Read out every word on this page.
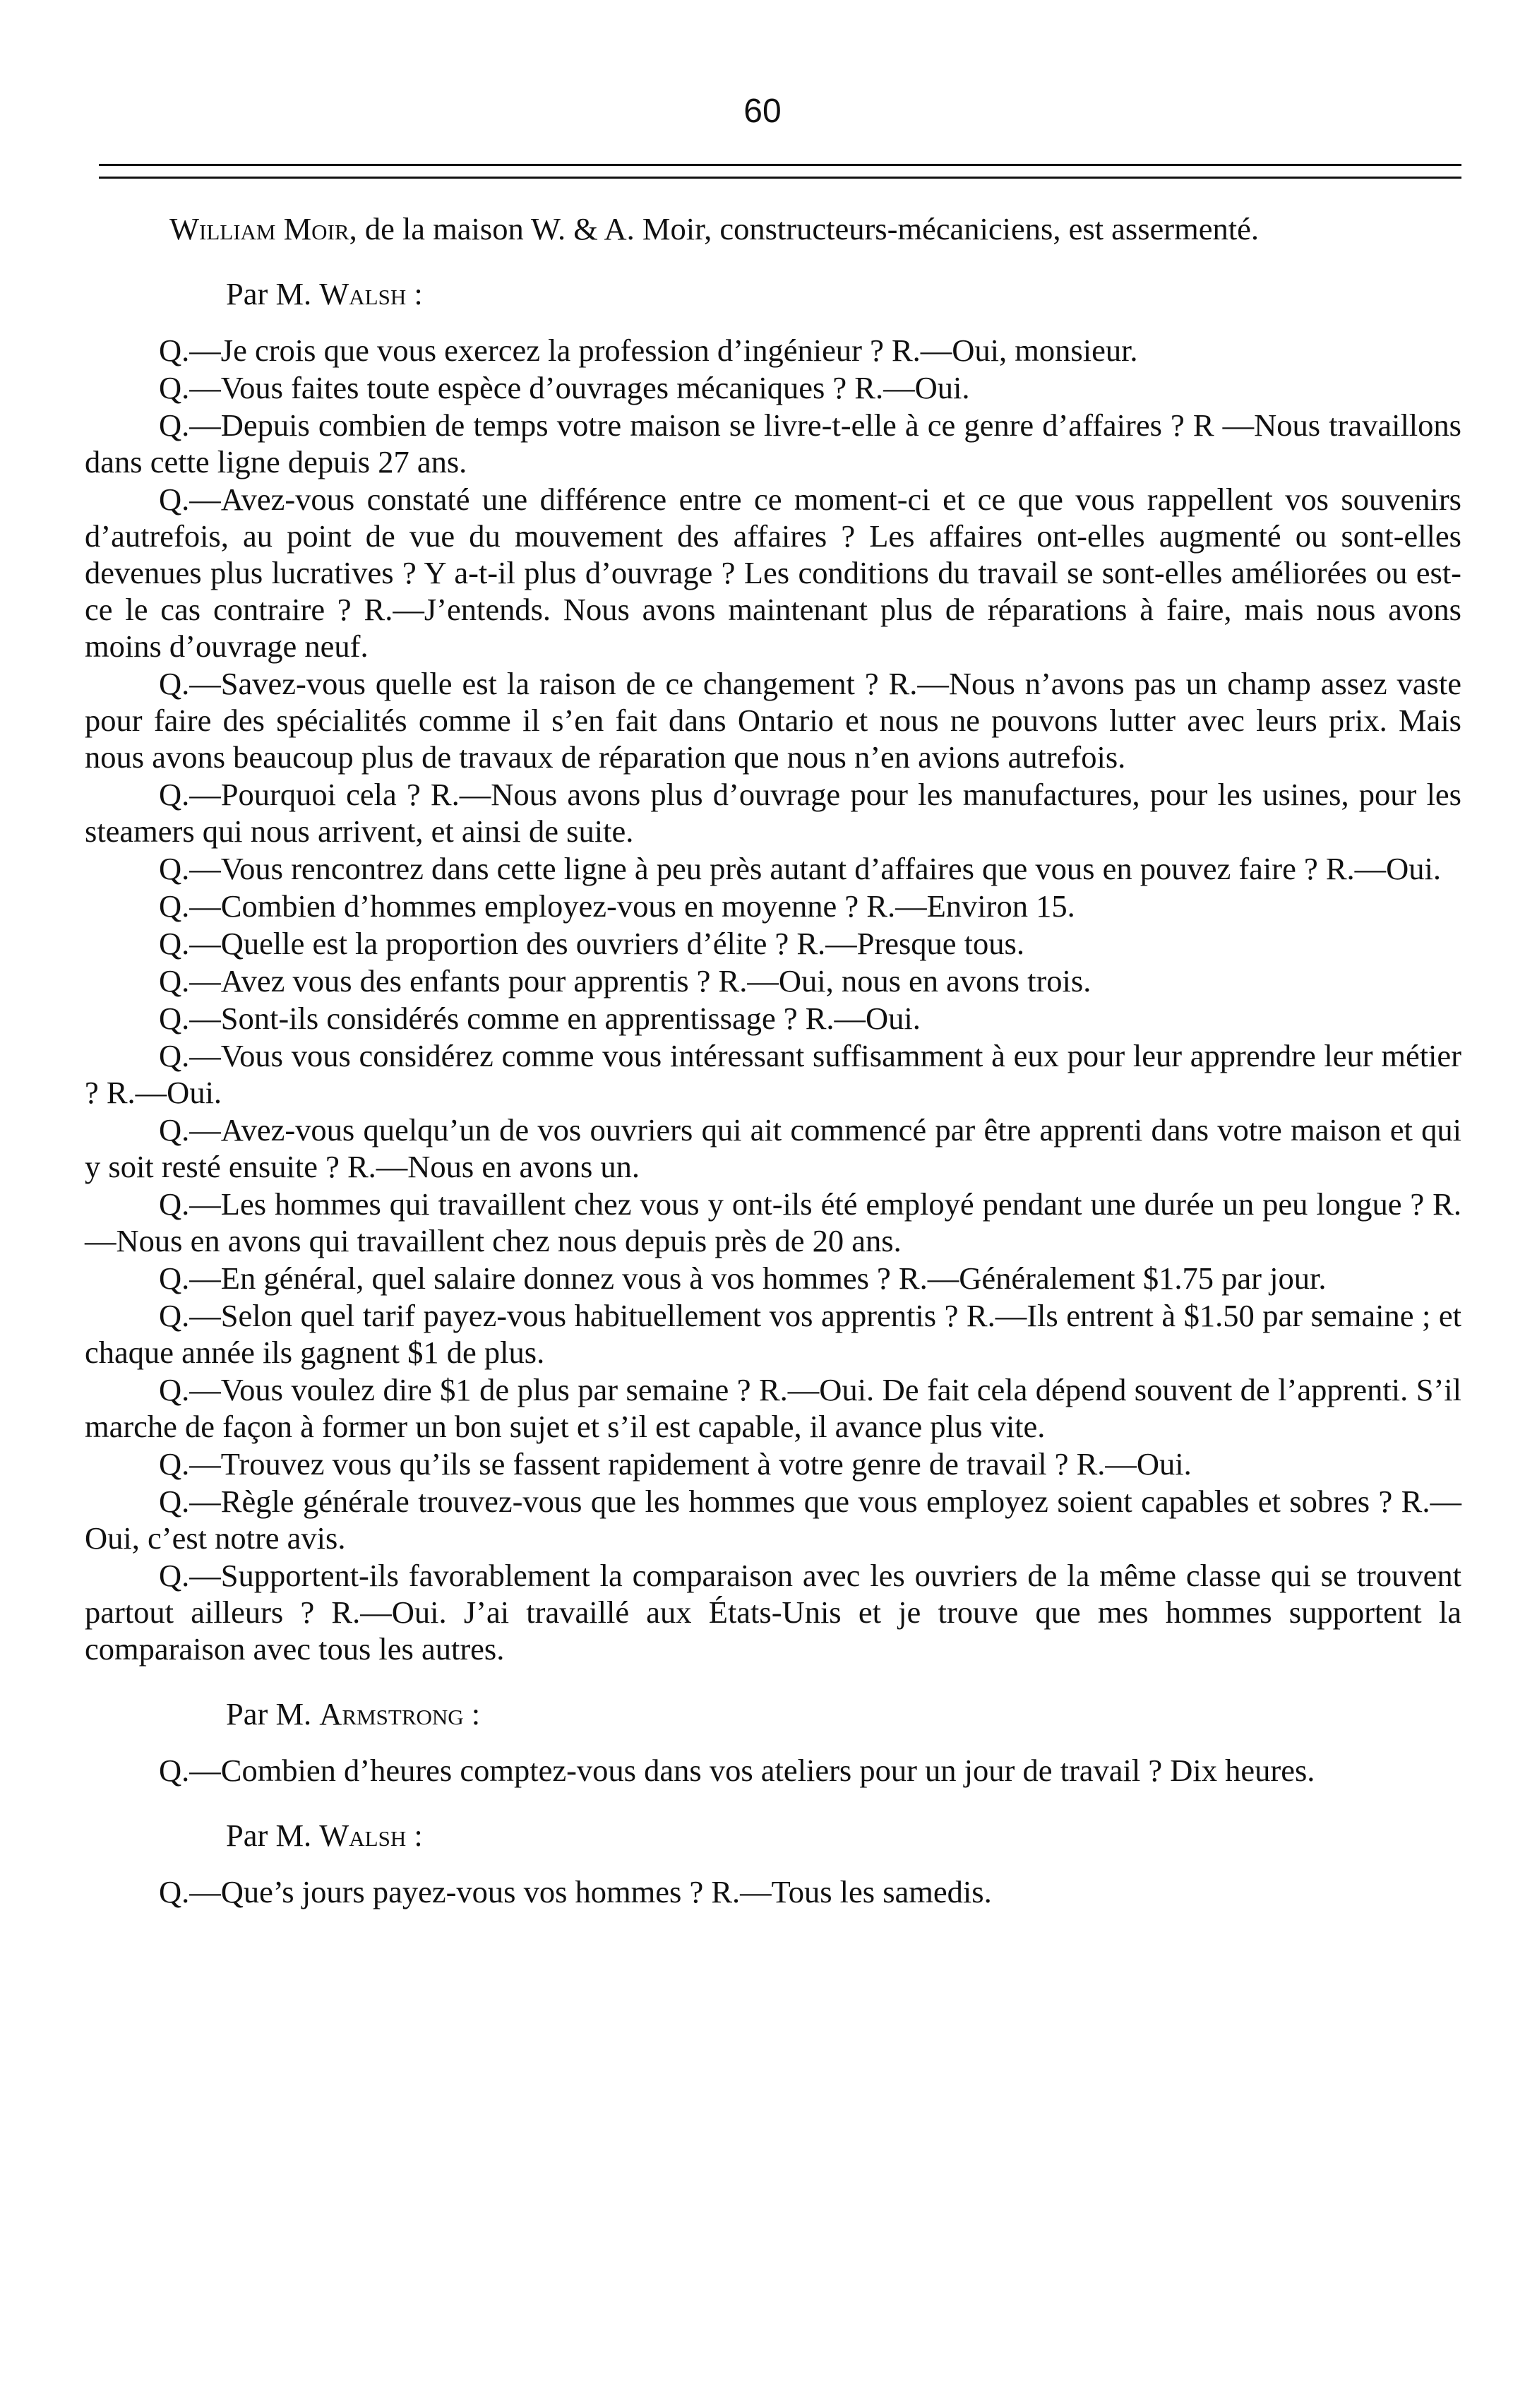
60

William Moir, de la maison W. & A. Moir, constructeurs-mécaniciens, est assermenté.

Par M. Walsh :

Q.—Je crois que vous exercez la profession d’ingénieur ? R.—Oui, monsieur.

Q.—Vous faites toute espèce d’ouvrages mécaniques ? R.—Oui.

Q.—Depuis combien de temps votre maison se livre-t-elle à ce genre d’affaires ? R —Nous travaillons dans cette ligne depuis 27 ans.

Q.—Avez-vous constaté une différence entre ce moment-ci et ce que vous rappellent vos souvenirs d’autrefois, au point de vue du mouvement des affaires ? Les affaires ont-elles augmenté ou sont-elles devenues plus lucratives ? Y a-t-il plus d’ouvrage ? Les conditions du travail se sont-elles améliorées ou est-ce le cas contraire ? R.—J’entends. Nous avons maintenant plus de réparations à faire, mais nous avons moins d’ouvrage neuf.

Q.—Savez-vous quelle est la raison de ce changement ? R.—Nous n’avons pas un champ assez vaste pour faire des spécialités comme il s’en fait dans Ontario et nous ne pouvons lutter avec leurs prix. Mais nous avons beaucoup plus de travaux de réparation que nous n’en avions autrefois.

Q.—Pourquoi cela ? R.—Nous avons plus d’ouvrage pour les manufactures, pour les usines, pour les steamers qui nous arrivent, et ainsi de suite.

Q.—Vous rencontrez dans cette ligne à peu près autant d’affaires que vous en pouvez faire ? R.—Oui.

Q.—Combien d’hommes employez-vous en moyenne ? R.—Environ 15.

Q.—Quelle est la proportion des ouvriers d’élite ? R.—Presque tous.

Q.—Avez vous des enfants pour apprentis ? R.—Oui, nous en avons trois.

Q.—Sont-ils considérés comme en apprentissage ? R.—Oui.

Q.—Vous vous considérez comme vous intéressant suffisamment à eux pour leur apprendre leur métier ? R.—Oui.

Q.—Avez-vous quelqu’un de vos ouvriers qui ait commencé par être apprenti dans votre maison et qui y soit resté ensuite ? R.—Nous en avons un.

Q.—Les hommes qui travaillent chez vous y ont-ils été employé pendant une durée un peu longue ? R.—Nous en avons qui travaillent chez nous depuis près de 20 ans.

Q.—En général, quel salaire donnez vous à vos hommes ? R.—Généralement $1.75 par jour.

Q.—Selon quel tarif payez-vous habituellement vos apprentis ? R.—Ils entrent à $1.50 par semaine ; et chaque année ils gagnent $1 de plus.

Q.—Vous voulez dire $1 de plus par semaine ? R.—Oui. De fait cela dépend souvent de l’apprenti. S’il marche de façon à former un bon sujet et s’il est capable, il avance plus vite.

Q.—Trouvez vous qu’ils se fassent rapidement à votre genre de travail ? R.—Oui.

Q.—Règle générale trouvez-vous que les hommes que vous employez soient capables et sobres ? R.—Oui, c’est notre avis.

Q.—Supportent-ils favorablement la comparaison avec les ouvriers de la même classe qui se trouvent partout ailleurs ? R.—Oui. J’ai travaillé aux États-Unis et je trouve que mes hommes supportent la comparaison avec tous les autres.

Par M. Armstrong :

Q.—Combien d’heures comptez-vous dans vos ateliers pour un jour de travail ? Dix heures.

Par M. Walsh :

Q.—Que’s jours payez-vous vos hommes ? R.—Tous les samedis.
